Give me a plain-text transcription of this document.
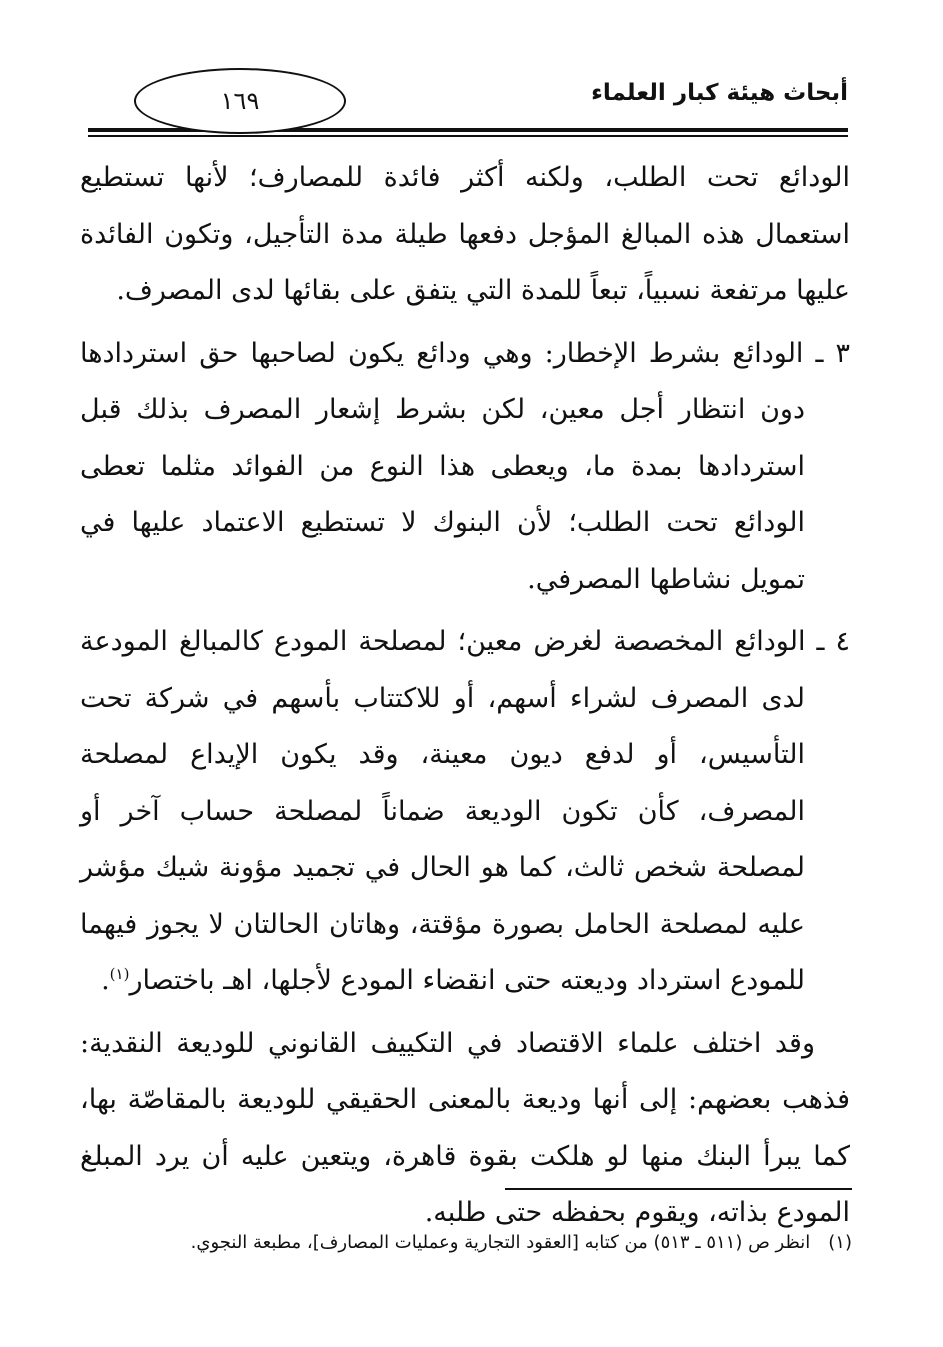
أبحاث هيئة كبار العلماء
١٦٩

الودائع تحت الطلب، ولكنه أكثر فائدة للمصارف؛ لأنها تستطيع استعمال هذه المبالغ المؤجل دفعها طيلة مدة التأجيل، وتكون الفائدة عليها مرتفعة نسبياً، تبعاً للمدة التي يتفق على بقائها لدى المصرف.

٣ ـ الودائع بشرط الإخطار: وهي ودائع يكون لصاحبها حق استردادها دون انتظار أجل معين، لكن بشرط إشعار المصرف بذلك قبل استردادها بمدة ما، ويعطى هذا النوع من الفوائد مثلما تعطى الودائع تحت الطلب؛ لأن البنوك لا تستطيع الاعتماد عليها في تمويل نشاطها المصرفي.

٤ ـ الودائع المخصصة لغرض معين؛ لمصلحة المودع كالمبالغ المودعة لدى المصرف لشراء أسهم، أو للاكتتاب بأسهم في شركة تحت التأسيس، أو لدفع ديون معينة، وقد يكون الإيداع لمصلحة المصرف، كأن تكون الوديعة ضماناً لمصلحة حساب آخر أو لمصلحة شخص ثالث، كما هو الحال في تجميد مؤونة شيك مؤشر عليه لمصلحة الحامل بصورة مؤقتة، وهاتان الحالتان لا يجوز فيهما للمودع استرداد وديعته حتى انقضاء المودع لأجلها، اهـ باختصار$^{(١)}$.

وقد اختلف علماء الاقتصاد في التكييف القانوني للوديعة النقدية: فذهب بعضهم: إلى أنها وديعة بالمعنى الحقيقي للوديعة بالمقاصّة بها، كما يبرأ البنك منها لو هلكت بقوة قاهرة، ويتعين عليه أن يرد المبلغ المودع بذاته، ويقوم بحفظه حتى طلبه.

(١)انظر ص (٥١١ ـ ٥١٣) من كتابه [العقود التجارية وعمليات المصارف]، مطبعة النجوي.
